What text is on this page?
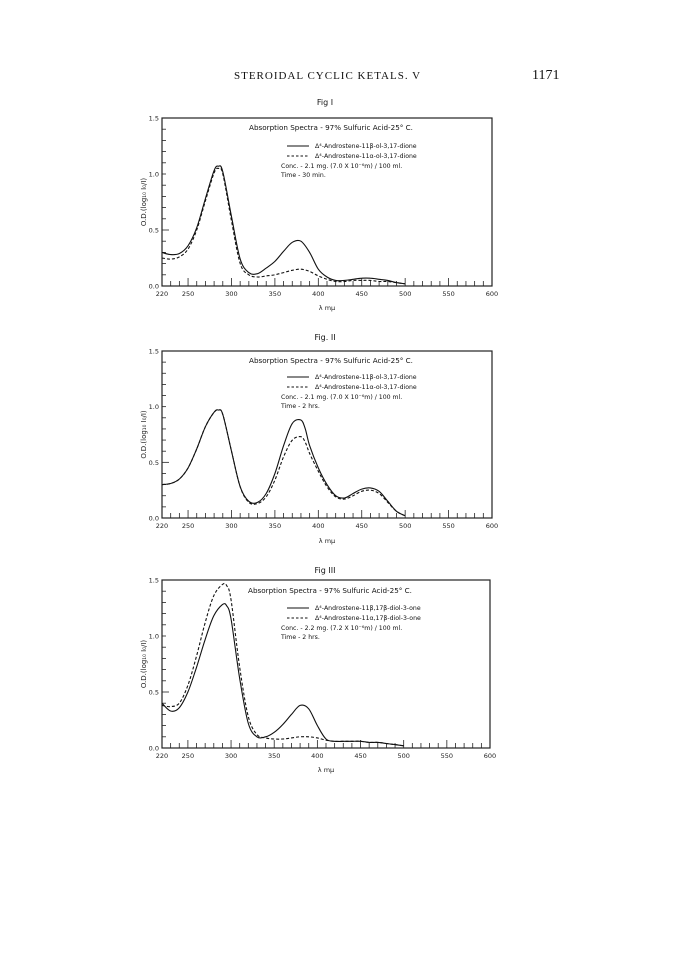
STEROIDAL CYCLIC KETALS. V	1171
Fig I
220 250	300	350	400	450	500	550	600
0.0
0.5
1.0
1.5
λ mμ
O.D.(log₁₀ I₀/I)
Absorption Spectra - 97% Sulfuric Acid-25° C.
Δ⁴-Androstene-11β-ol-3,17-dione
Δ⁴-Androstene-11α-ol-3,17-dione
Conc. - 2.1 mg. (7.0 X 10⁻⁶m) / 100 ml.
Time - 30 min.
Fig. II
220 250	300	350	400	450	500	550	600
0.0
0.5
1.0
1.5
λ mμ
O.D.(log₁₀ I₀/I)
Absorption Spectra - 97% Sulfuric Acid-25° C.
Δ⁴-Androstene-11β-ol-3,17-dione
Δ⁴-Androstene-11α-ol-3,17-dione
Conc. - 2.1 mg. (7.0 X 10⁻⁶m) / 100 ml.
Time - 2 hrs.
Fig III
220 250	300	350	400	450	500	550	600
0.0
0.5
1.0
1.5
λ mμ
O.D.(log₁₀ I₀/I)
Absorption Spectra - 97% Sulfuric Acid-25° C.
Δ⁴-Androstene-11β,17β-diol-3-one
Δ⁴-Androstene-11α,17β-diol-3-one
Conc. - 2.2 mg. (7.2 X 10⁻⁶m) / 100 ml.
Time - 2 hrs.
